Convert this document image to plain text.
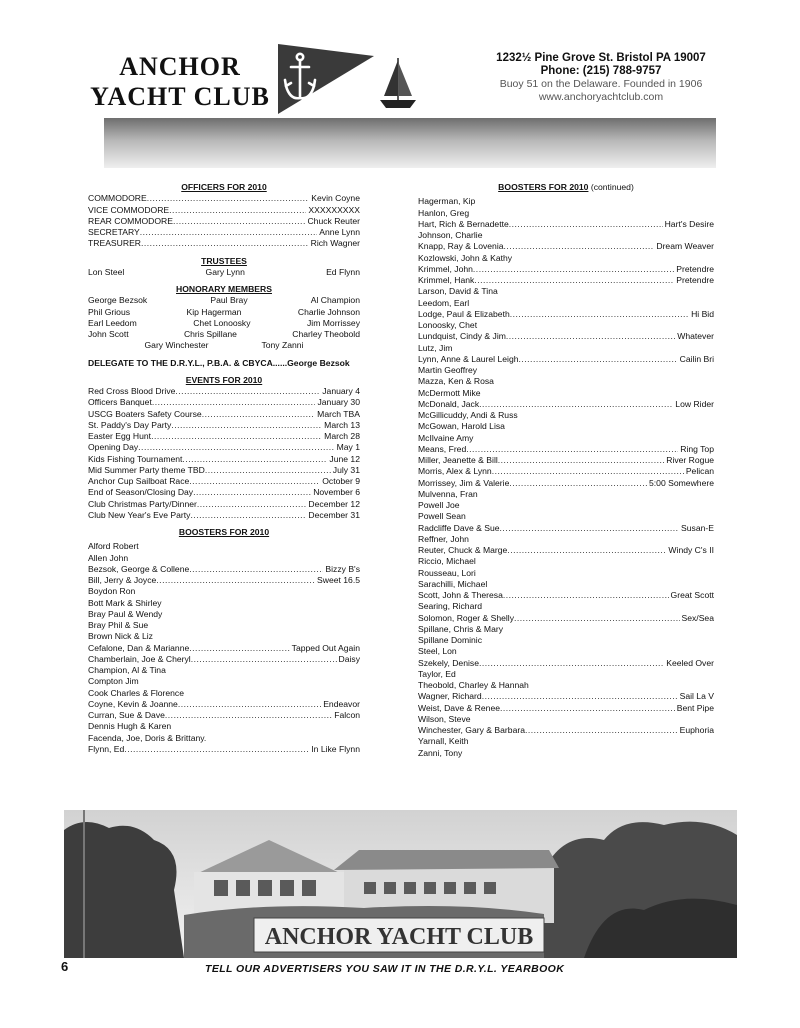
ANCHOR
YACHT CLUB
1232½ Pine Grove St. Bristol PA 19007
Phone: (215) 788-9757
Buoy 51 on the Delaware. Founded in 1906
www.anchoryachtclub.com
OFFICERS FOR 2010
COMMODORE .....	Kevin Coyne
VICE COMMODORE .....	XXXXXXXXX
REAR COMMODORE .....	Chuck Reuter
SECRETARY .....	Anne Lynn
TREASURER .....	Rich Wagner
TRUSTEES
Lon Steel	Gary Lynn	Ed Flynn
HONORARY MEMBERS
George Bezsok	Paul Bray	Al Champion
Phil Grious	Kip Hagerman	Charlie Johnson
Earl Leedom	Chet Lonoosky	Jim Morrissey
John Scott	Chris Spillane	Charley Theobold
Gary Winchester	Tony Zanni
DELEGATE TO THE D.R.Y.L., P.B.A. & CBYCA......George Bezsok
EVENTS FOR 2010
Red Cross Blood Drive .....	January 4
Officers Banquet .....	January 30
USCG Boaters Safety Course .....	March TBA
St. Paddy's Day Party .....	March 13
Easter Egg Hunt .....	March 28
Opening Day .....	May 1
Kids Fishing Tournament .....	June 12
Mid Summer Party theme TBD .....	July 31
Anchor Cup Sailboat Race .....	October 9
End of Season/Closing Day .....	November 6
Club Christmas Party/Dinner .....	December 12
Club New Year's Eve Party .....	December 31
BOOSTERS FOR 2010
Alford Robert
Allen John
Bezsok, George & Collene .....	Bizzy B's
Bill, Jerry & Joyce .....	Sweet 16.5
Boydon Ron
Bott Mark & Shirley
Bray Paul & Wendy
Bray Phil & Sue
Brown Nick & Liz
Cefalone, Dan & Marianne .....	Tapped Out Again
Chamberlain, Joe & Cheryl .....	Daisy
Champion, Al & Tina
Compton Jim
Cook Charles & Florence
Coyne, Kevin & Joanne .....	Endeavor
Curran, Sue & Dave .....	Falcon
Dennis Hugh & Karen
Facenda, Joe, Doris & Brittany.
Flynn, Ed .....	In Like Flynn
BOOSTERS FOR 2010 (continued)
Hagerman, Kip
Hanlon, Greg
Hart, Rich & Bernadette .....	Hart's Desire
Johnson, Charlie
Knapp, Ray & Lovenia .....	Dream Weaver
Kozlowski, John & Kathy
Krimmel, John .....	Pretendre
Krimmel, Hank .....	Pretendre
Larson, David & Tina
Leedom, Earl
Lodge, Paul & Elizabeth .....	Hi Bid
Lonoosky, Chet
Lundquist, Cindy & Jim .....	Whatever
Lutz, Jim
Lynn, Anne & Laurel Leigh .....	Cailin Bri
Martin Geoffrey
Mazza, Ken & Rosa
McDermott Mike
McDonald, Jack .....	Low Rider
McGillicuddy, Andi & Russ
McGowan, Harold Lisa
McIlvaine Amy
Means, Fred .....	Ring Top
Miller, Jeanette & Bill .....	River Rogue
Morris, Alex & Lynn .....	Pelican
Morrissey, Jim & Valerie .....	5:00 Somewhere
Mulvenna, Fran
Powell Joe
Powell Sean
Radcliffe Dave & Sue .....	Susan-E
Reffner, John
Reuter, Chuck & Marge .....	Windy C's II
Riccio, Michael
Rousseau, Lori
Sarachilli, Michael
Scott, John & Theresa .....	Great Scott
Searing, Richard
Solomon, Roger & Shelly .....	Sex/Sea
Spillane, Chris & Mary
Spillane Dominic
Steel, Lon
Szekely, Denise .....	Keeled Over
Taylor, Ed
Theobold, Charley & Hannah
Wagner, Richard .....	Sail La V
Weist, Dave & Renee .....	Bent Pipe
Wilson, Steve
Winchester, Gary & Barbara .....	Euphoria
Yarnall, Keith
Zanni, Tony
ANCHOR YACHT CLUB
6	TELL OUR ADVERTISERS YOU SAW IT IN THE D.R.Y.L. YEARBOOK
